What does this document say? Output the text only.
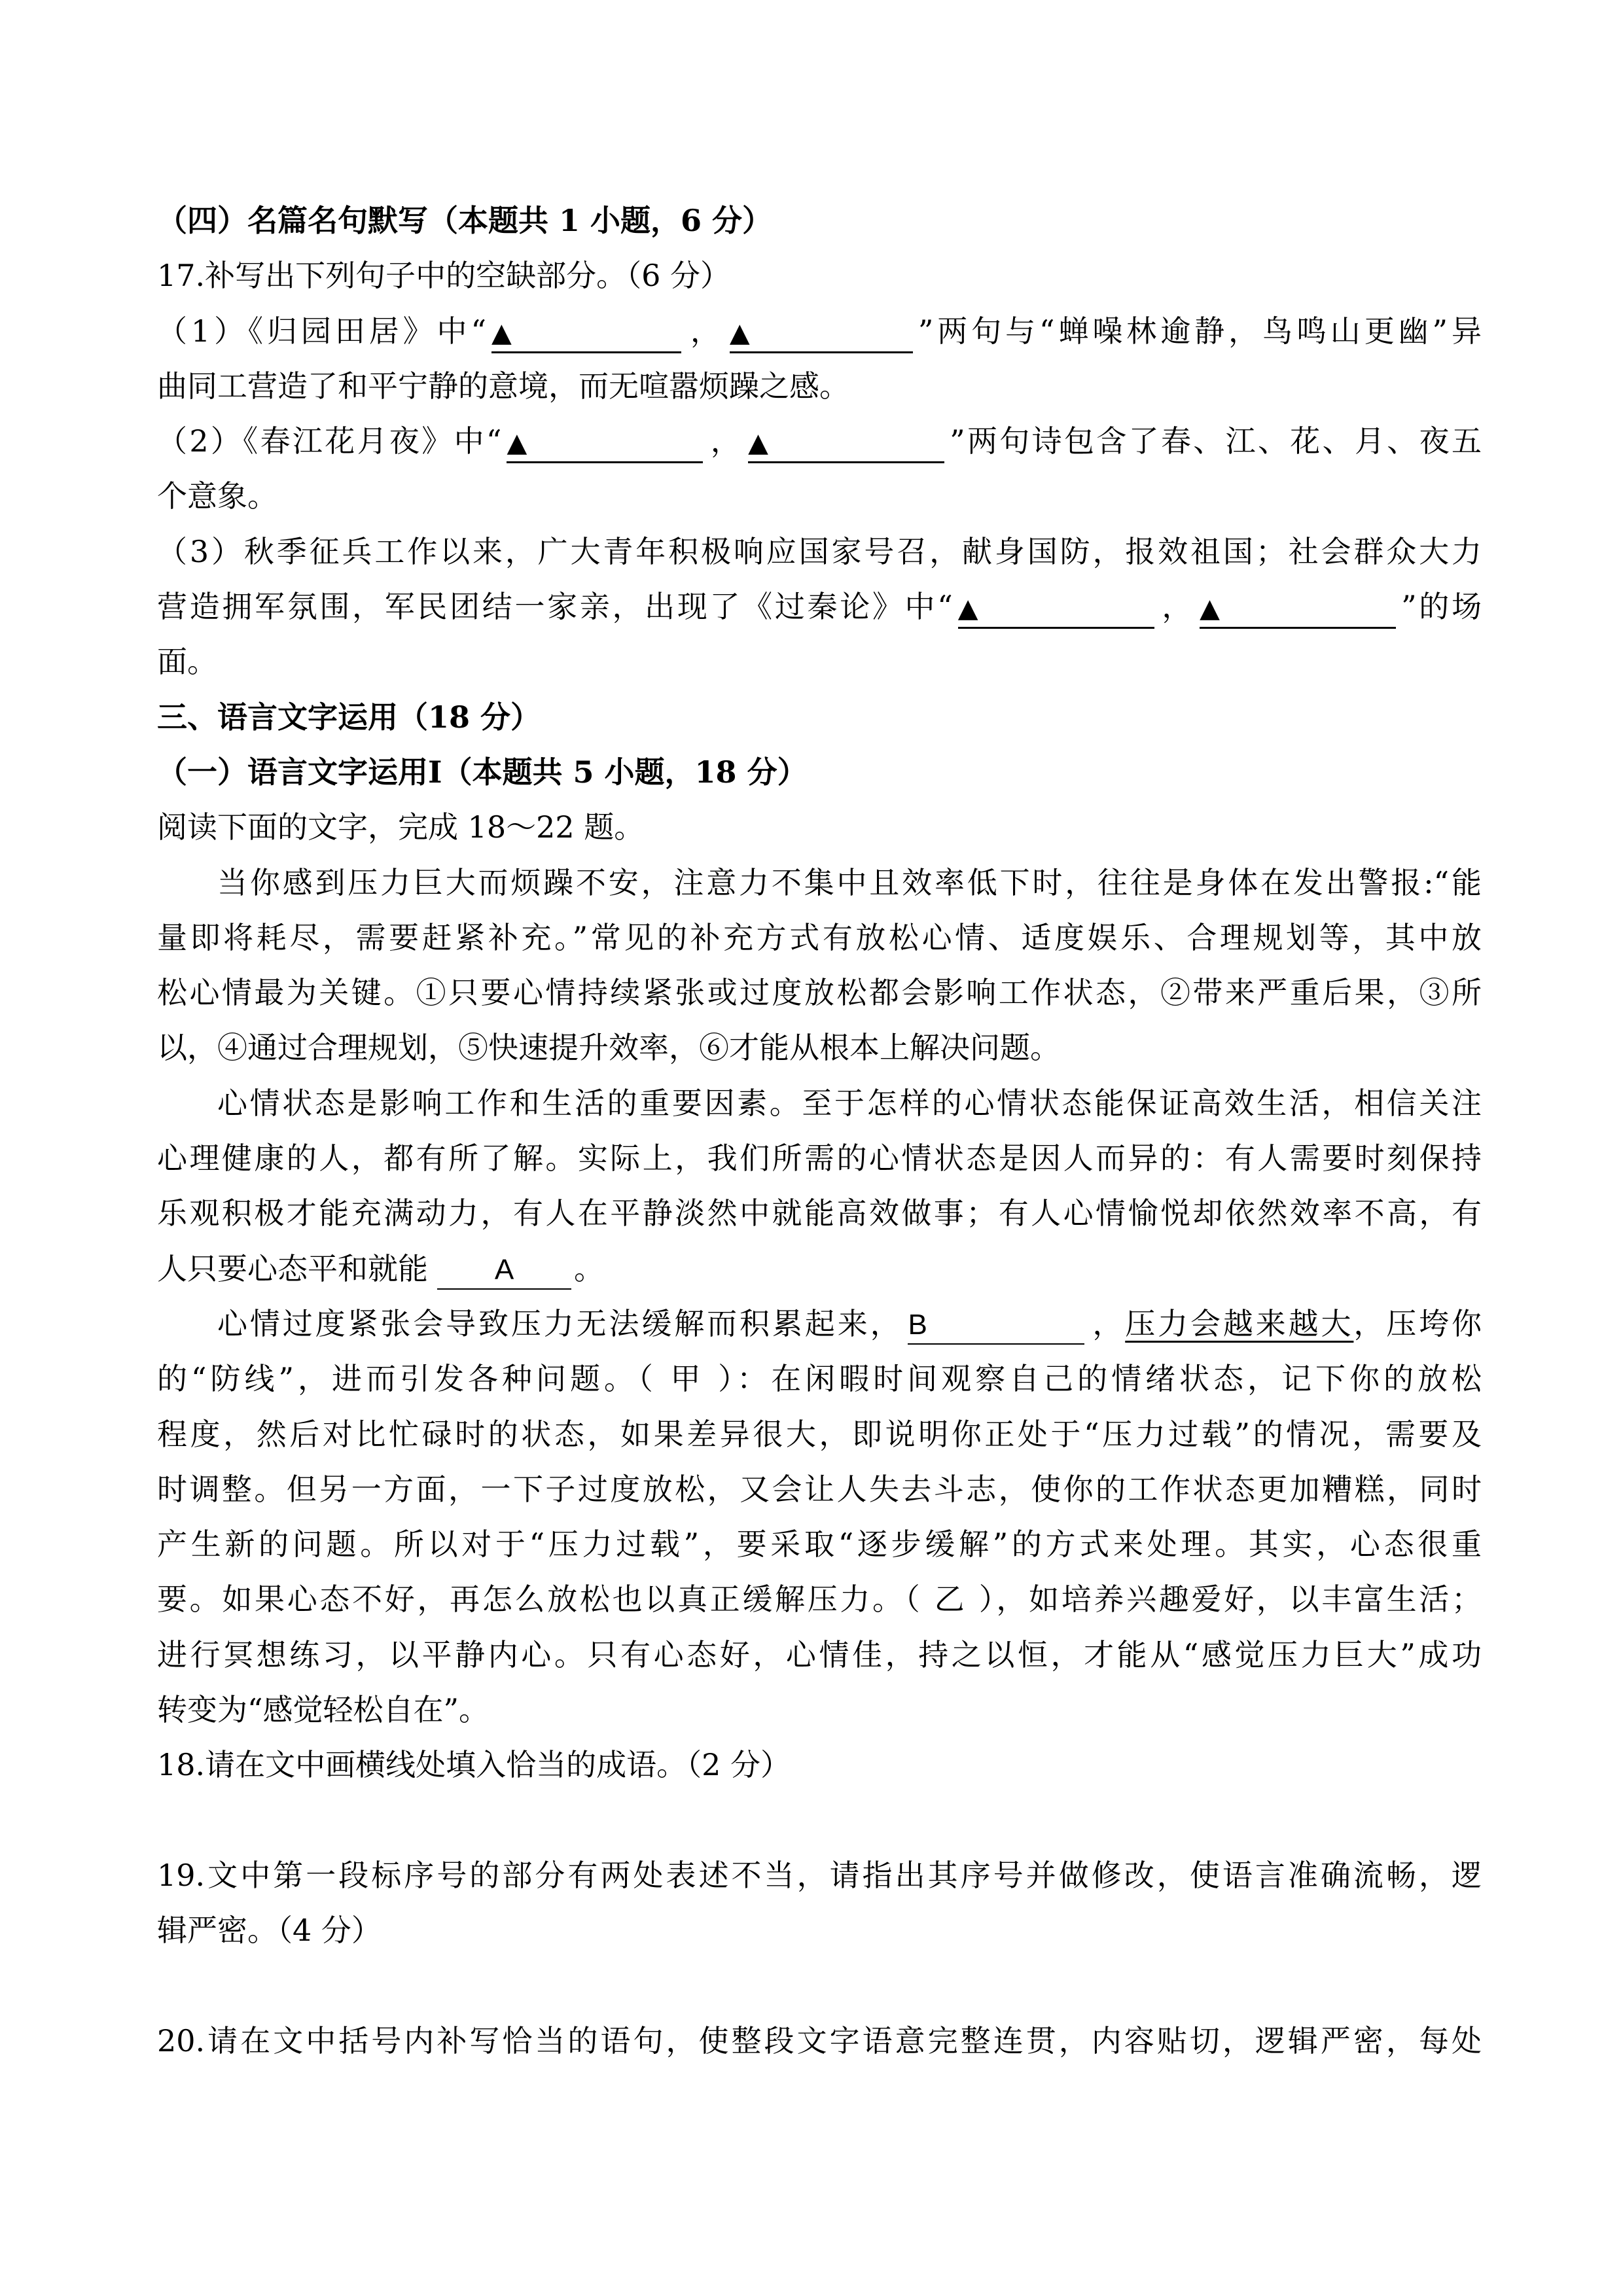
（四）名篇名句默写（本题共 1 小题，6 分）
17.补写出下列句子中的空缺部分。（6 分）
（1）《归园田居》中“ ▲	， ▲	”两句与“蝉噪林逾静，鸟鸣山更幽”异
曲同工营造了和平宁静的意境，而无喧嚣烦躁之感。
（2）《春江花月夜》中“ ▲	， ▲	”两句诗包含了春、江、花、月、夜五
个意象。
（3）秋季征兵工作以来，广大青年积极响应国家号召，献身国防，报效祖国；社会群众大力
营造拥军氛围，军民团结一家亲，出现了《过秦论》中“ ▲	， ▲	”的场
面。
三、语言文字运用（18 分）
（一）语言文字运用Ⅰ（本题共 5 小题，18 分）
阅读下面的文字，完成 18～22 题。
当你感到压力巨大而烦躁不安，注意力不集中且效率低下时，往往是身体在发出警报:“能
量即将耗尽，需要赶紧补充。”常见的补充方式有放松心情、适度娱乐、合理规划等，其中放
松心情最为关键。①只要心情持续紧张或过度放松都会影响工作状态，②带来严重后果，③所
以，④通过合理规划，⑤快速提升效率，⑥才能从根本上解决问题。
心情状态是影响工作和生活的重要因素。至于怎样的心情状态能保证高效生活，相信关注
心理健康的人，都有所了解。实际上，我们所需的心情状态是因人而异的：有人需要时刻保持
乐观积极才能充满动力，有人在平静淡然中就能高效做事；有人心情愉悦却依然效率不高，有
人只要心态平和就能 A 。
心情过度紧张会导致压力无法缓解而积累起来， B	，压力会越来越大，压垮你
的“防线”，进而引发各种问题。（ 甲 ）：在闲暇时间观察自己的情绪状态，记下你的放松
程度，然后对比忙碌时的状态，如果差异很大，即说明你正处于“压力过载”的情况，需要及
时调整。但另一方面，一下子过度放松，又会让人失去斗志，使你的工作状态更加糟糕，同时
产生新的问题。所以对于“压力过载”，要采取“逐步缓解”的方式来处理。其实，心态很重
要。如果心态不好，再怎么放松也以真正缓解压力。（ 乙 ），如培养兴趣爱好，以丰富生活；
进行冥想练习，以平静内心。只有心态好，心情佳，持之以恒，才能从“感觉压力巨大”成功
转变为“感觉轻松自在”。
18.请在文中画横线处填入恰当的成语。（2 分）
19.文中第一段标序号的部分有两处表述不当，请指出其序号并做修改，使语言准确流畅，逻
辑严密。（4 分）
20.请在文中括号内补写恰当的语句，使整段文字语意完整连贯，内容贴切，逻辑严密，每处
